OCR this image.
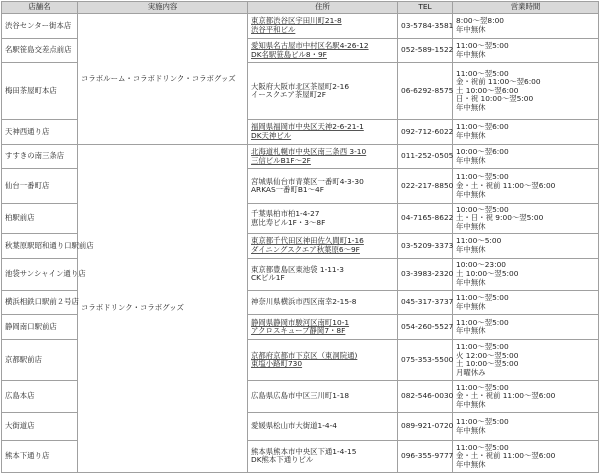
店舗名	実施内容	住所	TEL	営業時間
渋谷センター街本店	コラボルーム・コラボドリンク・コラボグッズ	東京都渋谷区宇田川町21-8
渋谷平和ビル	03-5784-3581	8:00～翌8:00
年中無休

名駅笹島交差点前店		愛知県名古屋市中村区名駅4-26-12
DK名駅笹島ビル8・9F	052-589-1522	11:00～翌5:00
年中無休

梅田茶屋町本店		大阪府大阪市北区茶屋町2-16
イースクエア茶屋町2F	06-6292-8575	11:00～翌5:00
金・祝前 11:00～翌6:00
土 10:00～翌6:00
日・祝 10:00～翌5:00
年中無休

天神西通り店		福岡県福岡市中央区天神2-6-21-1
DK天神ビル	092-712-6022	11:00～翌6:00
年中無休

すすきの南三条店	コラボドリンク・コラボグッズ	北海道札幌市中央区南三条西 3-10
三信ビルB1F～2F	011-252-0505	10:00～翌6:00
年中無休

仙台一番町店		宮城県仙台市青葉区一番町4-3-30
ARKAS一番町B1～4F	022-217-8850	11:00～翌5:00
金・土・祝前 11:00～翌6:00
年中無休

柏駅前店		千葉県柏市柏1-4-27
恵比寿ビル1F・3～8F	04-7165-8622	10:00～翌5:00
土・日・祝 9:00～翌5:00
年中無休

秋葉原駅昭和通り口駅前店		東京都千代田区神田佐久間町1-16
ダイニングスクエア秋葉原6～9F	03-5209-3373	11:00～5:00
年中無休

池袋サンシャイン通り店		東京都豊島区東池袋 1-11-3
CKビル1F	03-3983-2320	10:00～23:00
土 10:00～翌5:00
年中無休

横浜相鉄口駅前２号店		神奈川県横浜市西区南幸2-15-8	045-317-3737	11:00～翌5:00
年中無休

静岡南口駅前店		静岡県静岡市駿河区南町10-1
アクロスキューブ静岡7・8F	054-260-5527	11:00～翌5:00
年中無休

京都駅前店		京都府京都市下京区（東洞院通)
東塩小路町730	075-353-5500	11:00～翌5:00
火 12:00～翌5:00
土 10:00～翌5:00
月曜休み

広島本店		広島県広島市中区三川町1-18	082-546-0030	11:00～翌5:00
金・土・祝前 11:00～翌6:00
年中無休

大街道店		愛媛県松山市大街道1-4-4	089-921-0720	11:00～翌5:00
年中無休

熊本下通り店		熊本県熊本市中央区下通1-4-15
DK熊本下通りビル	096-355-9777	11:00～翌5:00
金・土・祝前 11:00～翌6:00
年中無休
